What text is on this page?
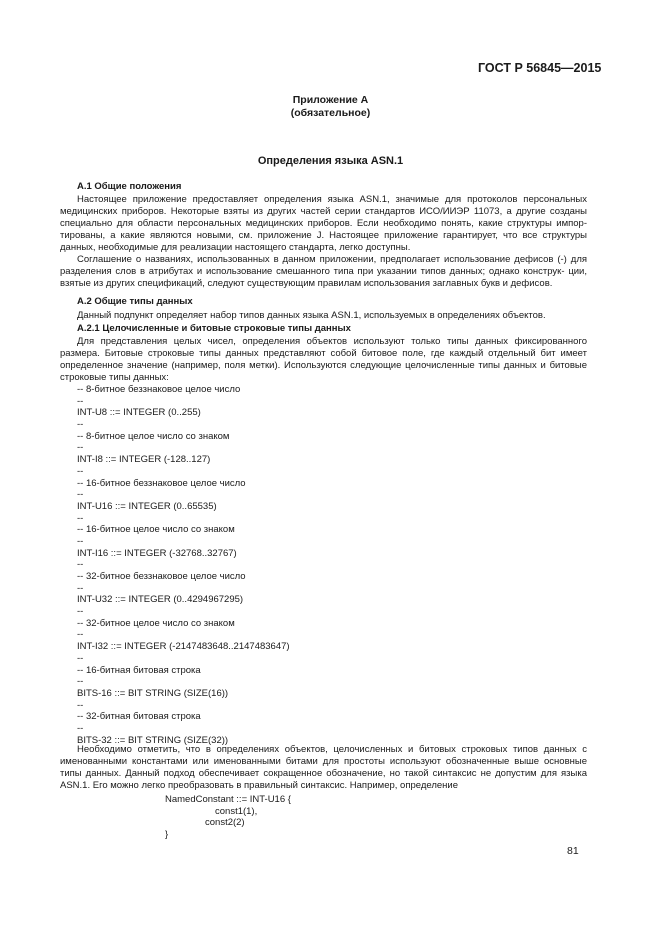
ГОСТ Р 56845—2015
Приложение А
(обязательное)
Определения языка ASN.1
А.1 Общие положения

Настоящее приложение предоставляет определения языка ASN.1, значимые для протоколов персональных медицинских приборов. Некоторые взяты из других частей серии стандартов ИСО/ИИЭР 11073, а другие созданы специально для области персональных медицинских приборов. Если необходимо понять, какие структуры импор- тированы, а какие являются новыми, см. приложение J. Настоящее приложение гарантирует, что все структуры данных, необходимые для реализации настоящего стандарта, легко доступны.

Соглашение о названиях, использованных в данном приложении, предполагает использование дефисов (-) для разделения слов в атрибутах и использование смешанного типа при указании типов данных; однако конструк- ции, взятые из других спецификаций, следуют существующим правилам использования заглавных букв и дефисов.

А.2 Общие типы данных

Данный подпункт определяет набор типов данных языка ASN.1, используемых в определениях объектов.

А.2.1 Целочисленные и битовые строковые типы данных

Для представления целых чисел, определения объектов используют только типы данных фиксированного размера. Битовые строковые типы данных представляют собой битовое поле, где каждый отдельный бит имеет определенное значение (например, поля метки). Используются следующие целочисленные типы данных и битовые строковые типы данных:

-- 8-битное беззнаковое целое число
--
INT-U8 ::= INTEGER (0..255)
--
-- 8-битное целое число со знаком
--
INT-I8 ::= INTEGER (-128..127)
--
-- 16-битное беззнаковое целое число
--
INT-U16 ::= INTEGER (0..65535)
--
-- 16-битное целое число со знаком
--
INT-I16 ::= INTEGER (-32768..32767)
--
-- 32-битное беззнаковое целое число
--
INT-U32 ::= INTEGER (0..4294967295)
--
-- 32-битное целое число со знаком
--
INT-I32 ::= INTEGER (-2147483648..2147483647)
--
-- 16-битная битовая строка
--
BITS-16 ::= BIT STRING (SIZE(16))
--
-- 32-битная битовая строка
--
BITS-32 ::= BIT STRING (SIZE(32))

Необходимо отметить, что в определениях объектов, целочисленных и битовых строковых типов данных с именованными константами или именованными битами для простоты используют обозначенные выше основные типы данных. Данный подход обеспечивает сокращенное обозначение, но такой синтаксис не допустим для языка ASN.1. Его можно легко преобразовать в правильный синтаксис. Например, определение

NamedConstant ::= INT-U16 {
const1(1),
const2(2)
}
81
